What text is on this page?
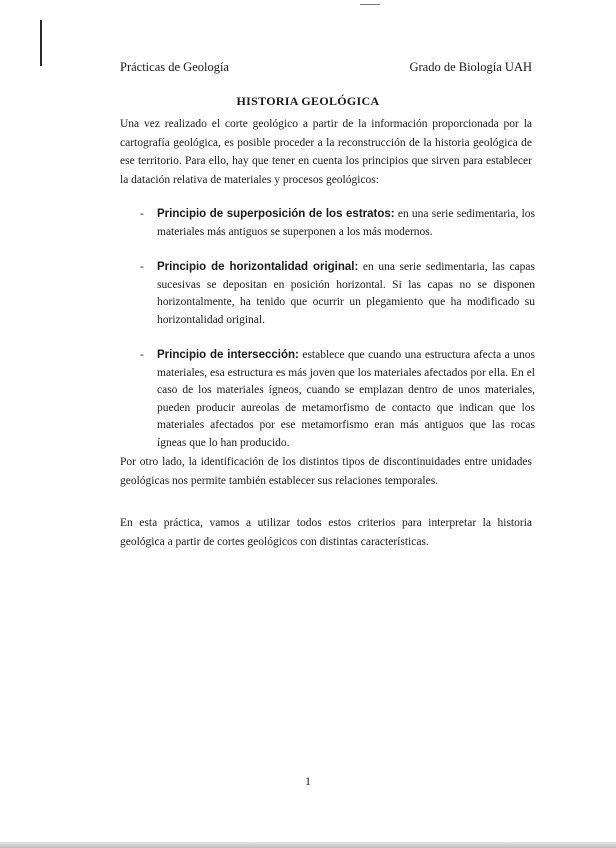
Prácticas de Geología	Grado de Biología UAH
HISTORIA GEOLÓGICA

Una vez realizado el corte geológico a partir de la información proporcionada por la cartografía geológica, es posible proceder a la reconstrucción de la historia geológica de ese territorio. Para ello, hay que tener en cuenta los principios que sirven para establecer la datación relativa de materiales y procesos geológicos:

- Principio de superposición de los estratos: en una serie sedimentaria, los materiales más antiguos se superponen a los más modernos.
- Principio de horizontalidad original: en una serie sedimentaria, las capas sucesivas se depositan en posición horizontal. Si las capas no se disponen horizontalmente, ha tenido que ocurrir un plegamiento que ha modificado su horizontalidad original.
- Principio de intersección: establece que cuando una estructura afecta a unos materiales, esa estructura es más joven que los materiales afectados por ella. En el caso de los materiales ígneos, cuando se emplazan dentro de unos materiales, pueden producir aureolas de metamorfismo de contacto que indican que los materiales afectados por ese metamorfismo eran más antiguos que las rocas ígneas que lo han producido.

Por otro lado, la identificación de los distintos tipos de discontinuidades entre unidades geológicas nos permite también establecer sus relaciones temporales.

En esta práctica, vamos a utilizar todos estos criterios para interpretar la historia geológica a partir de cortes geológicos con distintas características.

1
